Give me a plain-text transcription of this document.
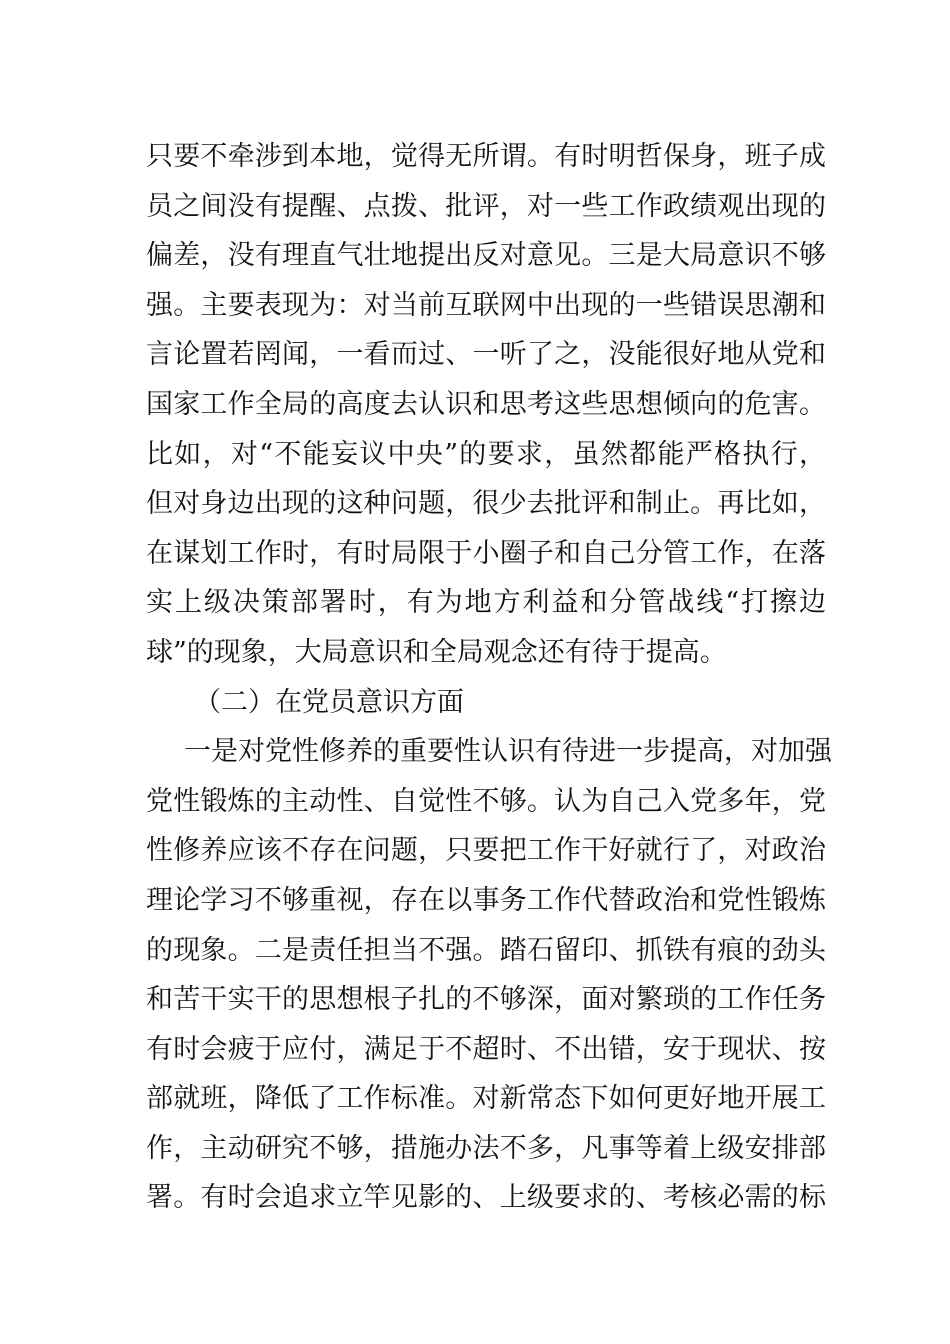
只要不牵涉到本地，觉得无所谓。有时明哲保身，班子成
员之间没有提醒、点拨、批评，对一些工作政绩观出现的
偏差，没有理直气壮地提出反对意见。三是大局意识不够
强。主要表现为：对当前互联网中出现的一些错误思潮和
言论置若罔闻，一看而过、一听了之，没能很好地从党和
国家工作全局的高度去认识和思考这些思想倾向的危害。
比如，对“不能妄议中央”的要求，虽然都能严格执行，
但对身边出现的这种问题，很少去批评和制止。再比如，
在谋划工作时，有时局限于小圈子和自己分管工作，在落
实上级决策部署时，有为地方利益和分管战线“打擦边
球”的现象，大局意识和全局观念还有待于提高。
（二）在党员意识方面
一是对党性修养的重要性认识有待进一步提高，对加强
党性锻炼的主动性、自觉性不够。认为自己入党多年，党
性修养应该不存在问题，只要把工作干好就行了，对政治
理论学习不够重视，存在以事务工作代替政治和党性锻炼
的现象。二是责任担当不强。踏石留印、抓铁有痕的劲头
和苦干实干的思想根子扎的不够深，面对繁琐的工作任务
有时会疲于应付，满足于不超时、不出错，安于现状、按
部就班，降低了工作标准。对新常态下如何更好地开展工
作，主动研究不够，措施办法不多，凡事等着上级安排部
署。有时会追求立竿见影的、上级要求的、考核必需的标
